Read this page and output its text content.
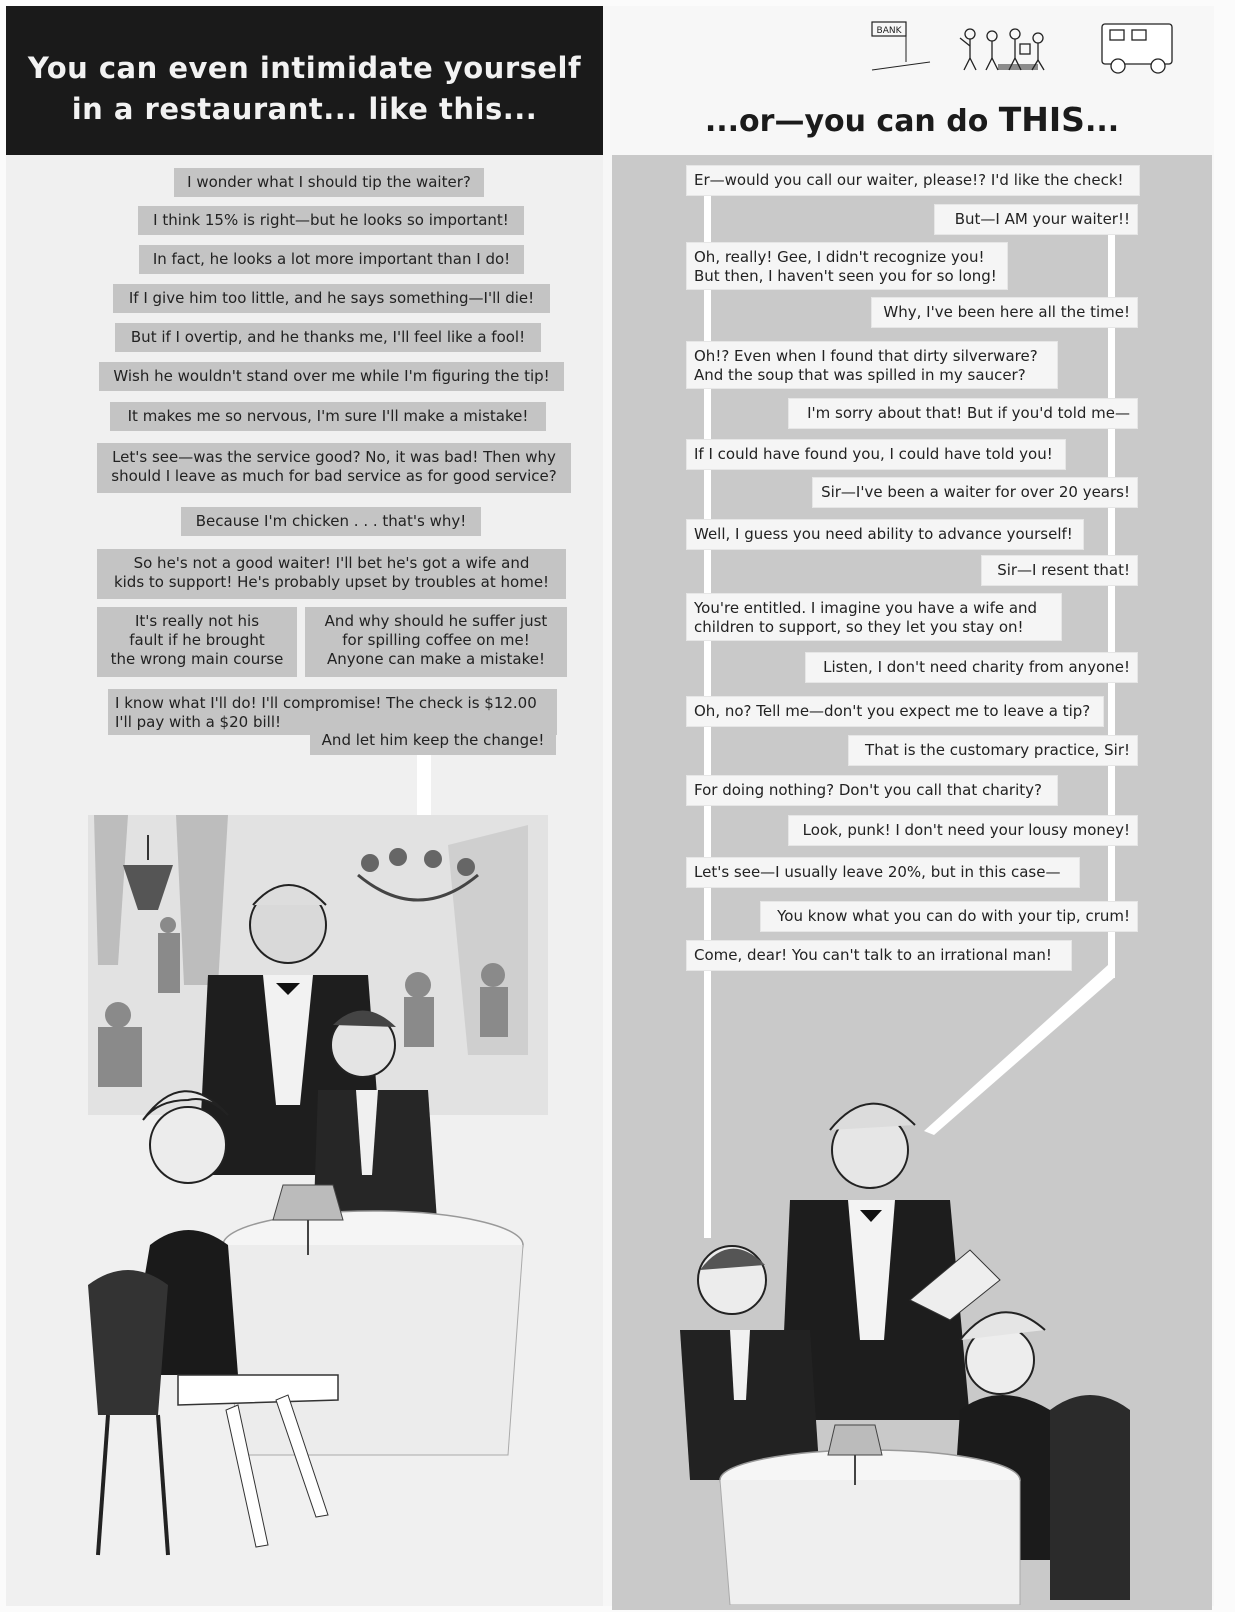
You can even intimidate yourself
in a restaurant... like this...	...or—you can do THIS...
BANK
I wonder what I should tip the waiter?
I think 15% is right—but he looks so important!
In fact, he looks a lot more important than I do!
If I give him too little, and he says something—I'll die!
But if I overtip, and he thanks me, I'll feel like a fool!
Wish he wouldn't stand over me while I'm figuring the tip!
It makes me so nervous, I'm sure I'll make a mistake!
Let's see—was the service good? No, it was bad! Then why
should I leave as much for bad service as for good service?
Because I'm chicken . . . that's why!
So he's not a good waiter! I'll bet he's got a wife and
kids to support! He's probably upset by troubles at home!
It's really not his
fault if he brought
the wrong main course
And why should he suffer just
for spilling coffee on me!
Anyone can make a mistake!
I know what I'll do! I'll compromise! The check is $12.00
I'll pay with a $20 bill!
And let him keep the change!
Er—would you call our waiter, please!? I'd like the check!
But—I AM your waiter!!
Oh, really! Gee, I didn't recognize you!
But then, I haven't seen you for so long!
Why, I've been here all the time!
Oh!? Even when I found that dirty silverware?
And the soup that was spilled in my saucer?
I'm sorry about that! But if you'd told me—
If I could have found you, I could have told you!
Sir—I've been a waiter for over 20 years!
Well, I guess you need ability to advance yourself!
Sir—I resent that!
You're entitled. I imagine you have a wife and
children to support, so they let you stay on!
Listen, I don't need charity from anyone!
Oh, no? Tell me—don't you expect me to leave a tip?
That is the customary practice, Sir!
For doing nothing? Don't you call that charity?
Look, punk! I don't need your lousy money!
Let's see—I usually leave 20%, but in this case—
You know what you can do with your tip, crum!
Come, dear! You can't talk to an irrational man!
